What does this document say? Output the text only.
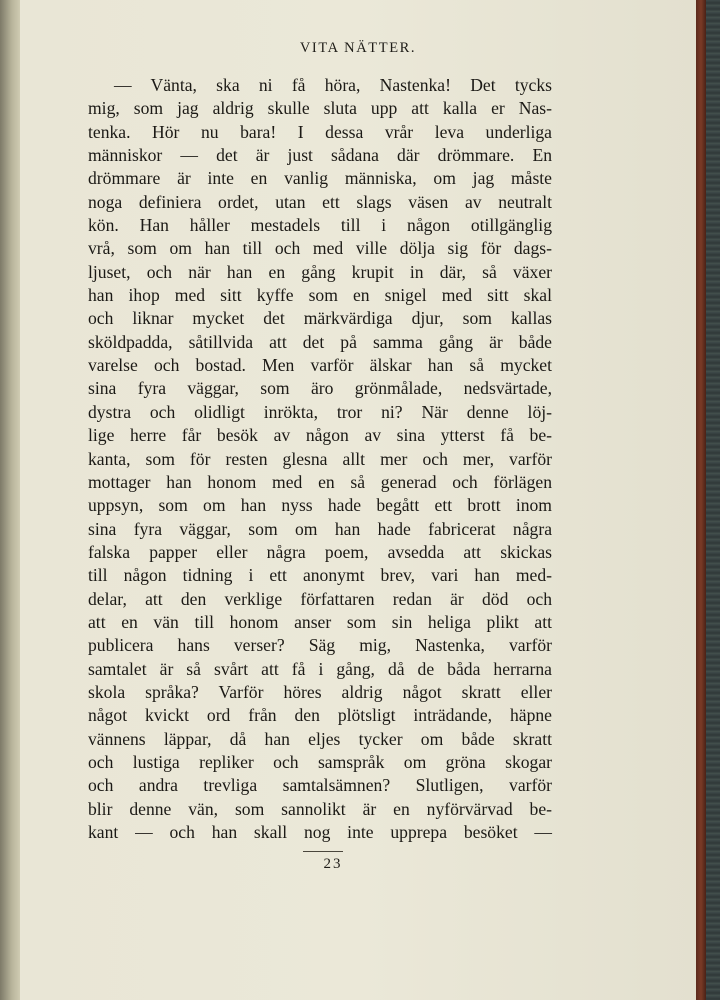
VITA NÄTTER.
— Vänta, ska ni få höra, Nastenka! Det tycks
mig, som jag aldrig skulle sluta upp att kalla er Nas-
tenka. Hör nu bara! I dessa vrår leva underliga
människor — det är just sådana där drömmare. En
drömmare är inte en vanlig människa, om jag måste
noga definiera ordet, utan ett slags väsen av neutralt
kön. Han håller mestadels till i någon otillgänglig
vrå, som om han till och med ville dölja sig för dags-
ljuset, och när han en gång krupit in där, så växer
han ihop med sitt kyffe som en snigel med sitt skal
och liknar mycket det märkvärdiga djur, som kallas
sköldpadda, såtillvida att det på samma gång är både
varelse och bostad. Men varför älskar han så mycket
sina fyra väggar, som äro grönmålade, nedsvärtade,
dystra och olidligt inrökta, tror ni? När denne löj-
lige herre får besök av någon av sina ytterst få be-
kanta, som för resten glesna allt mer och mer, varför
mottager han honom med en så generad och förlägen
uppsyn, som om han nyss hade begått ett brott inom
sina fyra väggar, som om han hade fabricerat några
falska papper eller några poem, avsedda att skickas
till någon tidning i ett anonymt brev, vari han med-
delar, att den verklige författaren redan är död och
att en vän till honom anser som sin heliga plikt att
publicera hans verser? Säg mig, Nastenka, varför
samtalet är så svårt att få i gång, då de båda herrarna
skola språka? Varför höres aldrig något skratt eller
något kvickt ord från den plötsligt inträdande, häpne
vännens läppar, då han eljes tycker om både skratt
och lustiga repliker och samspråk om gröna skogar
och andra trevliga samtalsämnen? Slutligen, varför
blir denne vän, som sannolikt är en nyförvärvad be-
kant — och han skall nog inte upprepa besöket —
23
